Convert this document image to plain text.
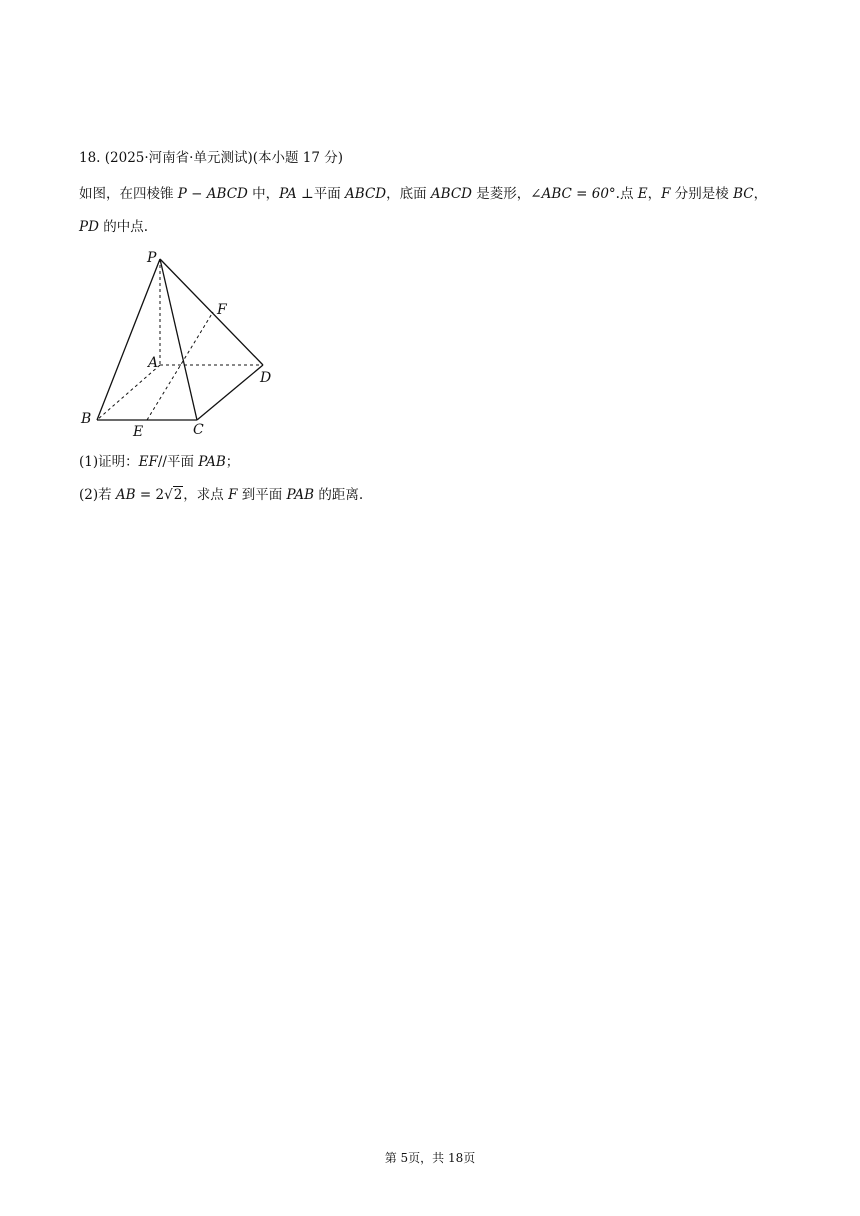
18. (2025·河南省·单元测试)(本小题 17 分)
如图，在四棱锥 P − ABCD 中，PA ⊥平面 ABCD，底面 ABCD 是菱形，∠ABC = 60°.点 E，F 分别是棱 BC，
PD 的中点.
P
F
A
D
B
E	C
(1)证明：EF//平面 PAB；
(2)若 AB = 2√2，求点 F 到平面 PAB 的距离.
第 5页，共 18页
